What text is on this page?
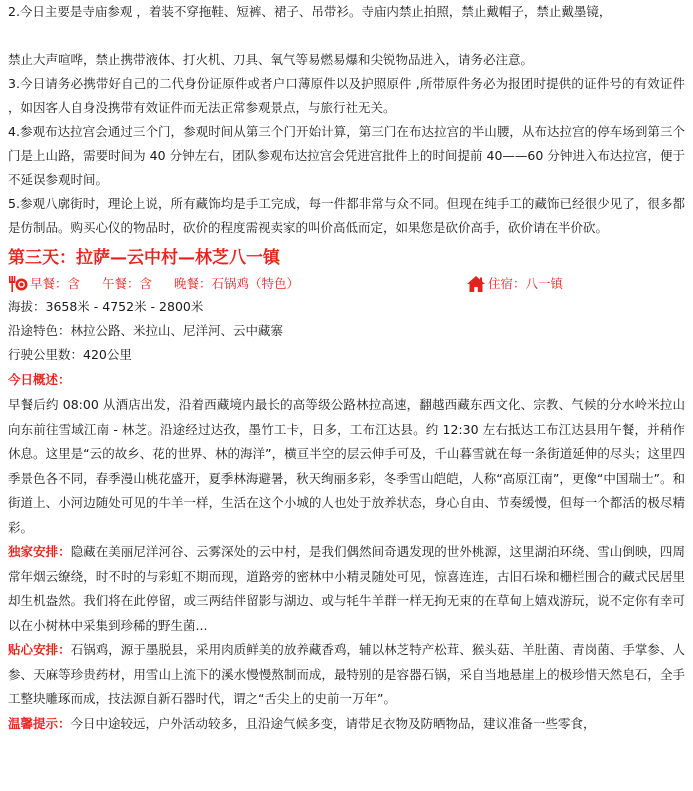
2.今日主要是寺庙参观 ，着装不穿拖鞋、短裤、裙子、吊带衫。寺庙内禁止拍照，禁止戴帽子，禁止戴墨镜，

禁止大声喧哗，禁止携带液体、打火机、刀具、氧气等易燃易爆和尖锐物品进入，请务必注意。

3.今日请务必携带好自己的二代身份证原件或者户口薄原件以及护照原件 ,所带原件务必为报团时提供的证件号的有效证件 ，如因客人自身没携带有效证件而无法正常参观景点，与旅行社无关。

4.参观布达拉宫会通过三个门，参观时间从第三个门开始计算，第三门在布达拉宫的半山腰，从布达拉宫的停车场到第三个门是上山路，需要时间为 40 分钟左右，团队参观布达拉宫会凭进宫批件上的时间提前 40——60 分钟进入布达拉宫，便于不延误参观时间。

5.参观八廓街时，理论上说，所有藏饰均是手工完成，每一件都非常与众不同。但现在纯手工的藏饰已经很少见了，很多都是仿制品。购买心仪的物品时，砍价的程度需视卖家的叫价高低而定，如果您是砍价高手，砍价请在半价砍。

第三天：拉萨—云中村—林芝八一镇
早餐：含 午餐：含 晚餐：石锅鸡（特色）	住宿：八一镇

海拔：3658米 - 4752米 - 2800米

沿途特色：林拉公路、米拉山、尼洋河、云中藏寨

行驶公里数：420公里

今日概述：

早餐后约 08:00 从酒店出发，沿着西藏境内最长的高等级公路林拉高速，翻越西藏东西文化、宗教、气候的分水岭米拉山向东前往雪域江南 - 林芝。沿途经过达孜，墨竹工卡，日多，工布江达县。约 12:30 左右抵达工布江达县用午餐，并稍作休息。这里是“云的故乡、花的世界、林的海洋”，横亘半空的层云伸手可及，千山暮雪就在每一条街道延伸的尽头；这里四季景色各不同，春季漫山桃花盛开，夏季林海避暑，秋天绚丽多彩，冬季雪山皑皑，人称“高原江南”，更像“中国瑞士”。和街道上、小河边随处可见的牛羊一样，生活在这个小城的人也处于放养状态，身心自由、节奏缓慢，但每一个都活的极尽精彩。

独家安排：隐藏在美丽尼洋河谷、云雾深处的云中村，是我们偶然间奇遇发现的世外桃源，这里湖泊环绕、雪山倒映，四周常年烟云缭绕，时不时的与彩虹不期而现，道路旁的密林中小精灵随处可见，惊喜连连，古旧石垛和栅栏围合的藏式民居里却生机盎然。我们将在此停留，或三两结伴留影与湖边、或与牦牛羊群一样无拘无束的在草甸上嬉戏游玩，说不定你有幸可以在小树林中采集到珍稀的野生菌...

贴心安排：石锅鸡，源于墨脱县，采用肉质鲜美的放养藏香鸡，辅以林芝特产松茸、猴头菇、羊肚菌、青岗菌、手掌参、人参、天麻等珍贵药材，用雪山上流下的溪水慢慢熬制而成，最特别的是容器石锅，采自当地悬崖上的极珍惜天然皂石，全手工整块雕琢而成，技法源自新石器时代，谓之“舌尖上的史前一万年”。

温馨提示：今日中途较远，户外活动较多，且沿途气候多变，请带足衣物及防晒物品，建议准备一些零食，
